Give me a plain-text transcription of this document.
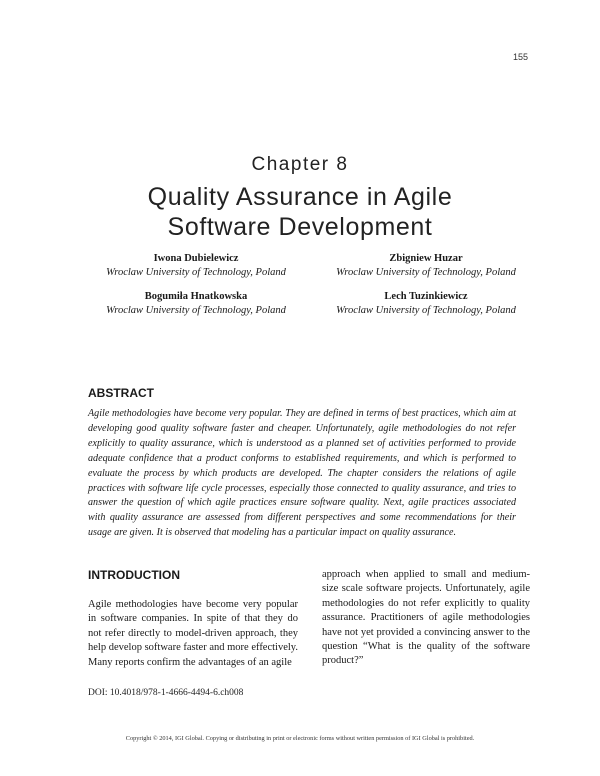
155
Chapter 8
Quality Assurance in Agile
Software Development
Iwona Dubielewicz
Wroclaw University of Technology, Poland
Zbigniew Huzar
Wroclaw University of Technology, Poland
Bogumiła Hnatkowska
Wroclaw University of Technology, Poland
Lech Tuzinkiewicz
Wroclaw University of Technology, Poland
ABSTRACT
Agile methodologies have become very popular. They are defined in terms of best practices, which aim at developing good quality software faster and cheaper. Unfortunately, agile methodologies do not refer explicitly to quality assurance, which is understood as a planned set of activities performed to provide adequate confidence that a product conforms to established requirements, and which is performed to evaluate the process by which products are developed. The chapter considers the relations of agile practices with software life cycle processes, especially those connected to quality assurance, and tries to answer the question of which agile practices ensure software quality. Next, agile practices associated with quality assurance are assessed from different perspectives and some recommendations for their usage are given. It is observed that modeling has a particular impact on quality assurance.
INTRODUCTION
Agile methodologies have become very popular in software companies. In spite of that they do not refer directly to model-driven approach, they help develop software faster and more effectively. Many reports confirm the advantages of an agile
approach when applied to small and medium-size scale software projects. Unfortunately, agile methodologies do not refer explicitly to quality assurance. Practitioners of agile methodologies have not yet provided a convincing answer to the question “What is the quality of the software product?”
DOI: 10.4018/978-1-4666-4494-6.ch008
Copyright © 2014, IGI Global. Copying or distributing in print or electronic forms without written permission of IGI Global is prohibited.
